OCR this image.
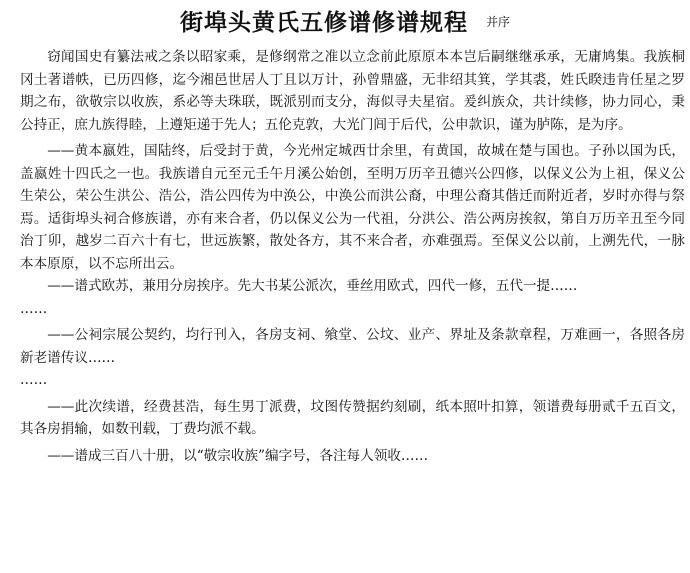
街埠头黄氏五修谱修谱规程 $^{并序}$

窃闻国史有纂法戒之条以昭家乘，是修纲常之准以立念前此原原本本岂后嗣继继承承，无庸鸠集。我族桐冈土著谱帙，已历四修，迄今湘邑世居人丁且以万计，孙曾鼎盛，无非绍其箕，学其裘，姓氏睽违肯任星之罗期之布，欲敬宗以收族，系必等夫珠联，既派别而支分，海似寻夫星宿。爰纠族众，共计续修，协力同心，秉公持正，庶九族得睦，上遵矩递于先人；五伦克敦，大光门闾于后代，公申款识，谨为胪陈，是为序。

——黄本嬴姓，国陆终，后受封于黄，今光州定城西廿余里，有黄国，故城在楚与国也。子孙以国为氏，盖嬴姓十四氏之一也。我族谱自元至元壬午月溪公始创，至明万历辛丑德兴公四修，以保义公为上祖，保义公生荣公，荣公生洪公、浩公，浩公四传为中涣公，中涣公而洪公裔，中理公裔其偕迁而附近者，岁时亦得与祭焉。适街埠头祠合修族谱，亦有来合者，仍以保义公为一代祖，分洪公、浩公两房挨叙，第自万历辛丑至今同治丁卯，越岁二百六十有七，世远族繁，散处各方，其不来合者，亦难强焉。至保义公以前，上溯先代，一脉本本原原，以不忘所出云。

——谱式欧苏，兼用分房挨序。先大书某公派次，垂丝用欧式，四代一修，五代一提……

……

——公祠宗展公契约，均行刊入，各房支祠、飨堂、公坟、业产、界址及条款章程，万难画一，各照各房新老谱传议……

……

——此次续谱，经费甚浩，每生男丁派费，坟图传赞据约刻刷，纸本照叶扣算，领谱费每册贰千五百文，其各房捐输，如数刊载，丁费均派不载。

——谱成三百八十册，以“敬宗收族”编字号，各注每人领收……
